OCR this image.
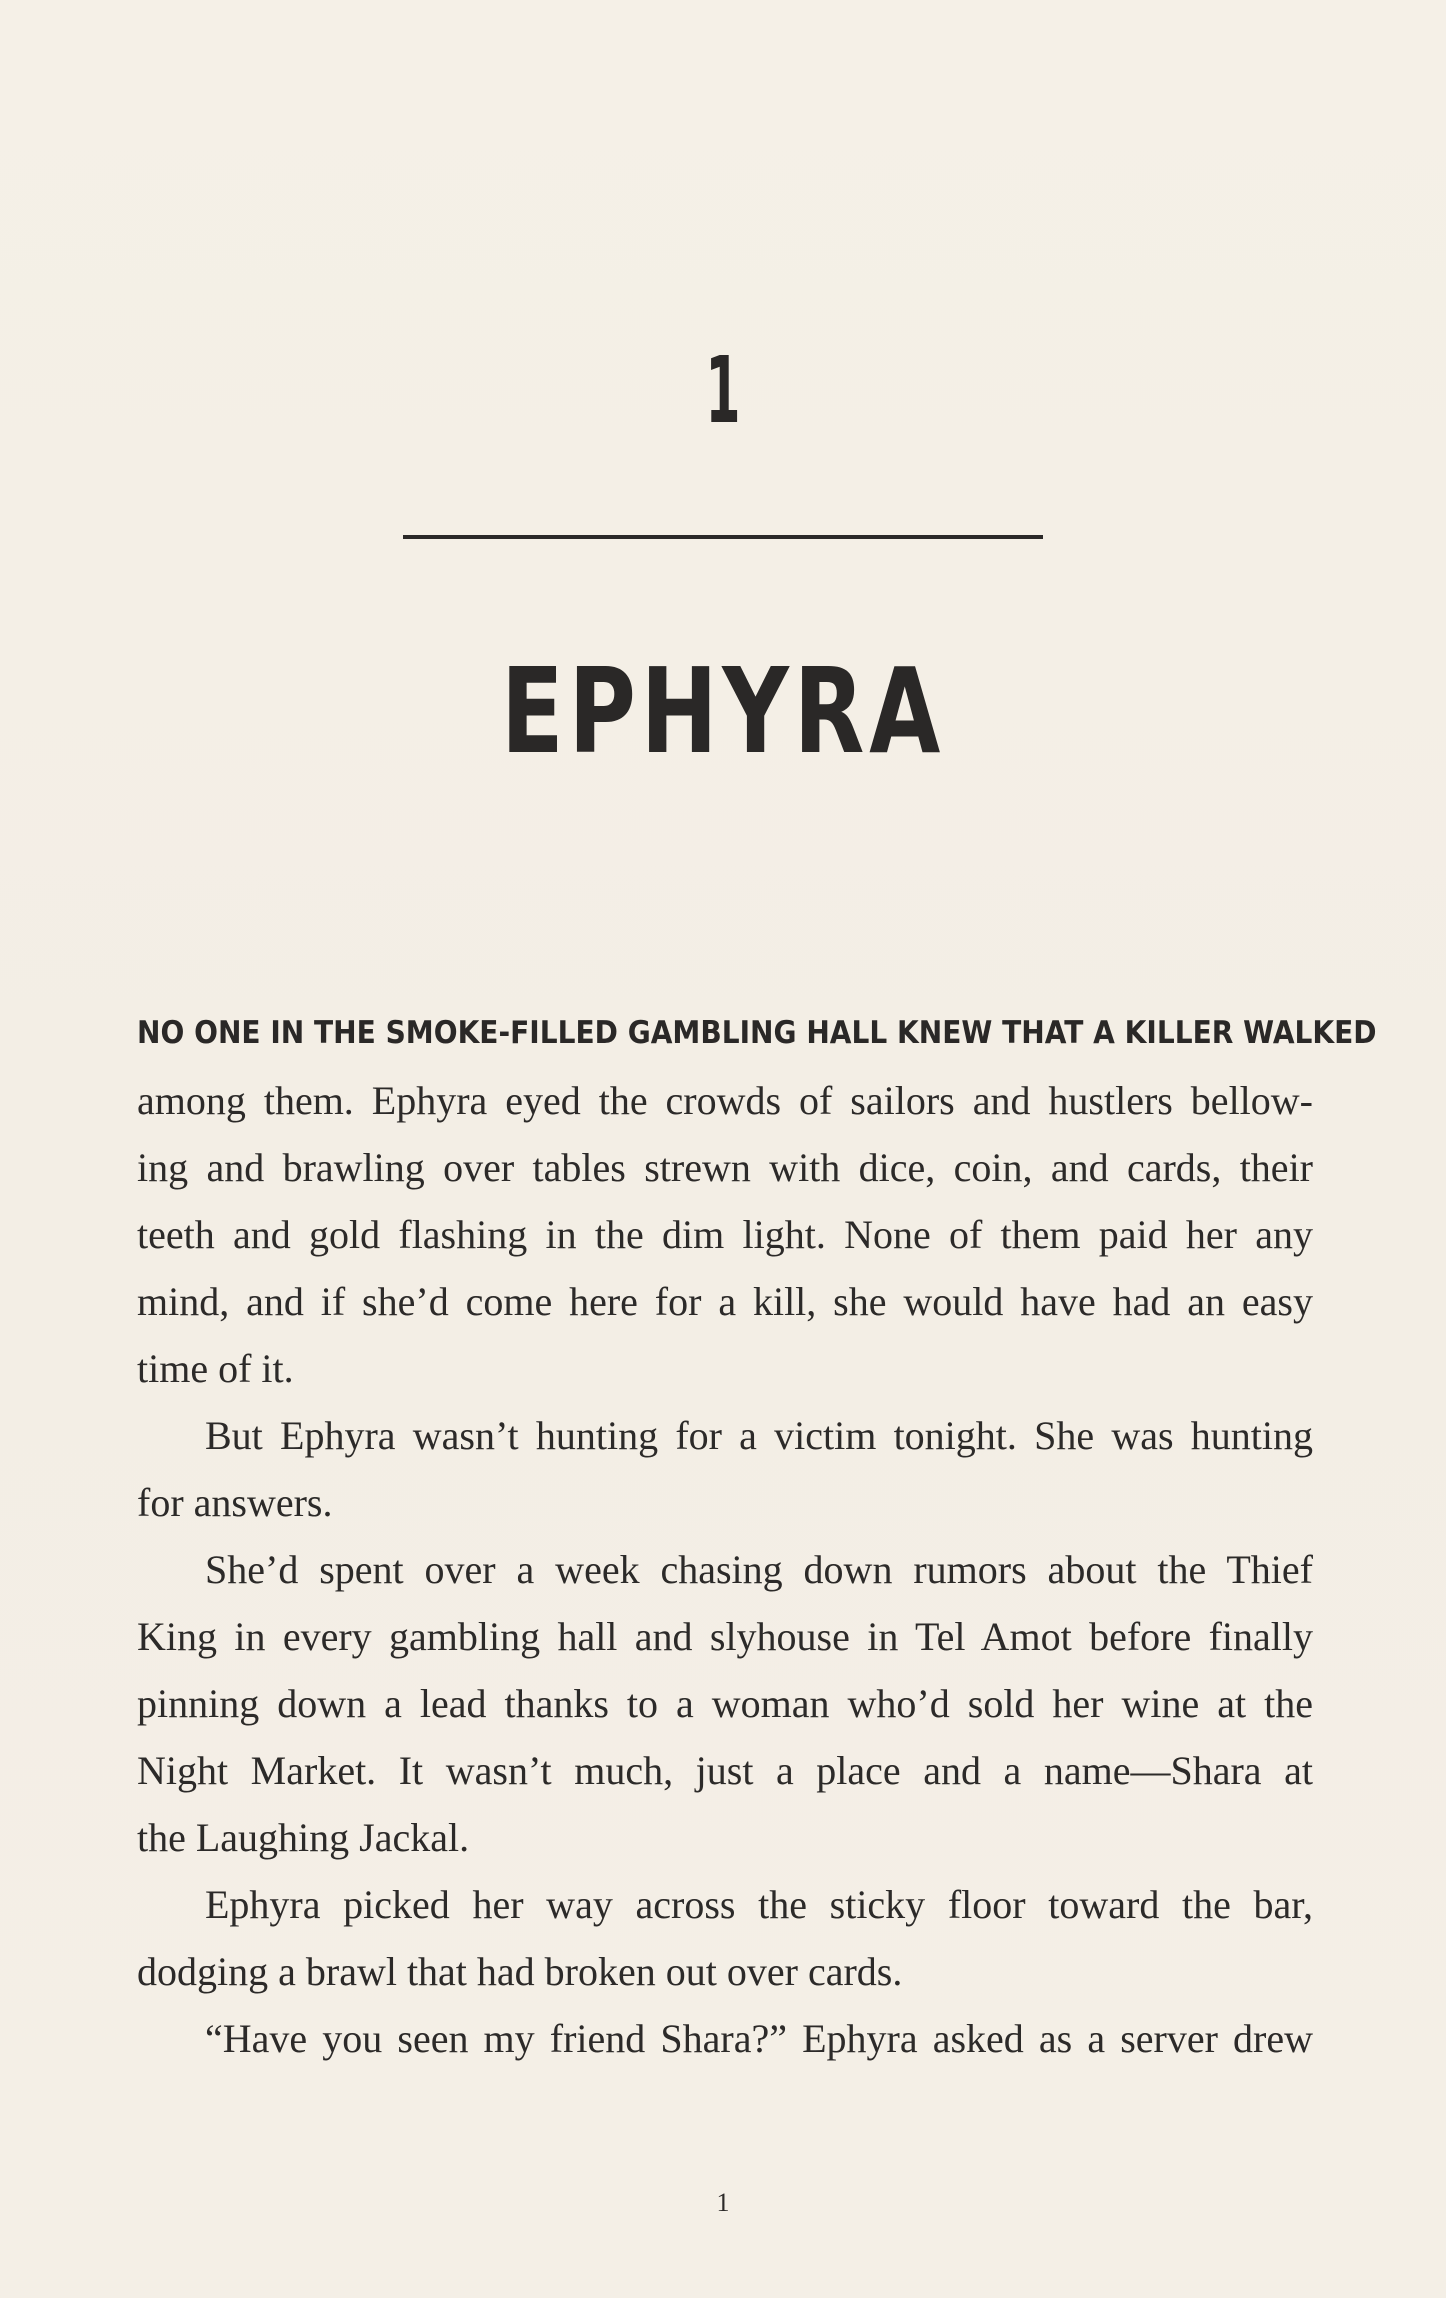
1
EPHYRA
NO ONE IN THE SMOKE-FILLED GAMBLING HALL KNEW THAT A KILLER WALKED
among them. Ephyra eyed the crowds of sailors and hustlers bellow-
ing and brawling over tables strewn with dice, coin, and cards, their
teeth and gold flashing in the dim light. None of them paid her any
mind, and if she’d come here for a kill, she would have had an easy
time of it.
But Ephyra wasn’t hunting for a victim tonight. She was hunting
for answers.
She’d spent over a week chasing down rumors about the Thief
King in every gambling hall and slyhouse in Tel Amot before finally
pinning down a lead thanks to a woman who’d sold her wine at the
Night Market. It wasn’t much, just a place and a name—Shara at
the Laughing Jackal.
Ephyra picked her way across the sticky floor toward the bar,
dodging a brawl that had broken out over cards.
“Have you seen my friend Shara?” Ephyra asked as a server drew
1
